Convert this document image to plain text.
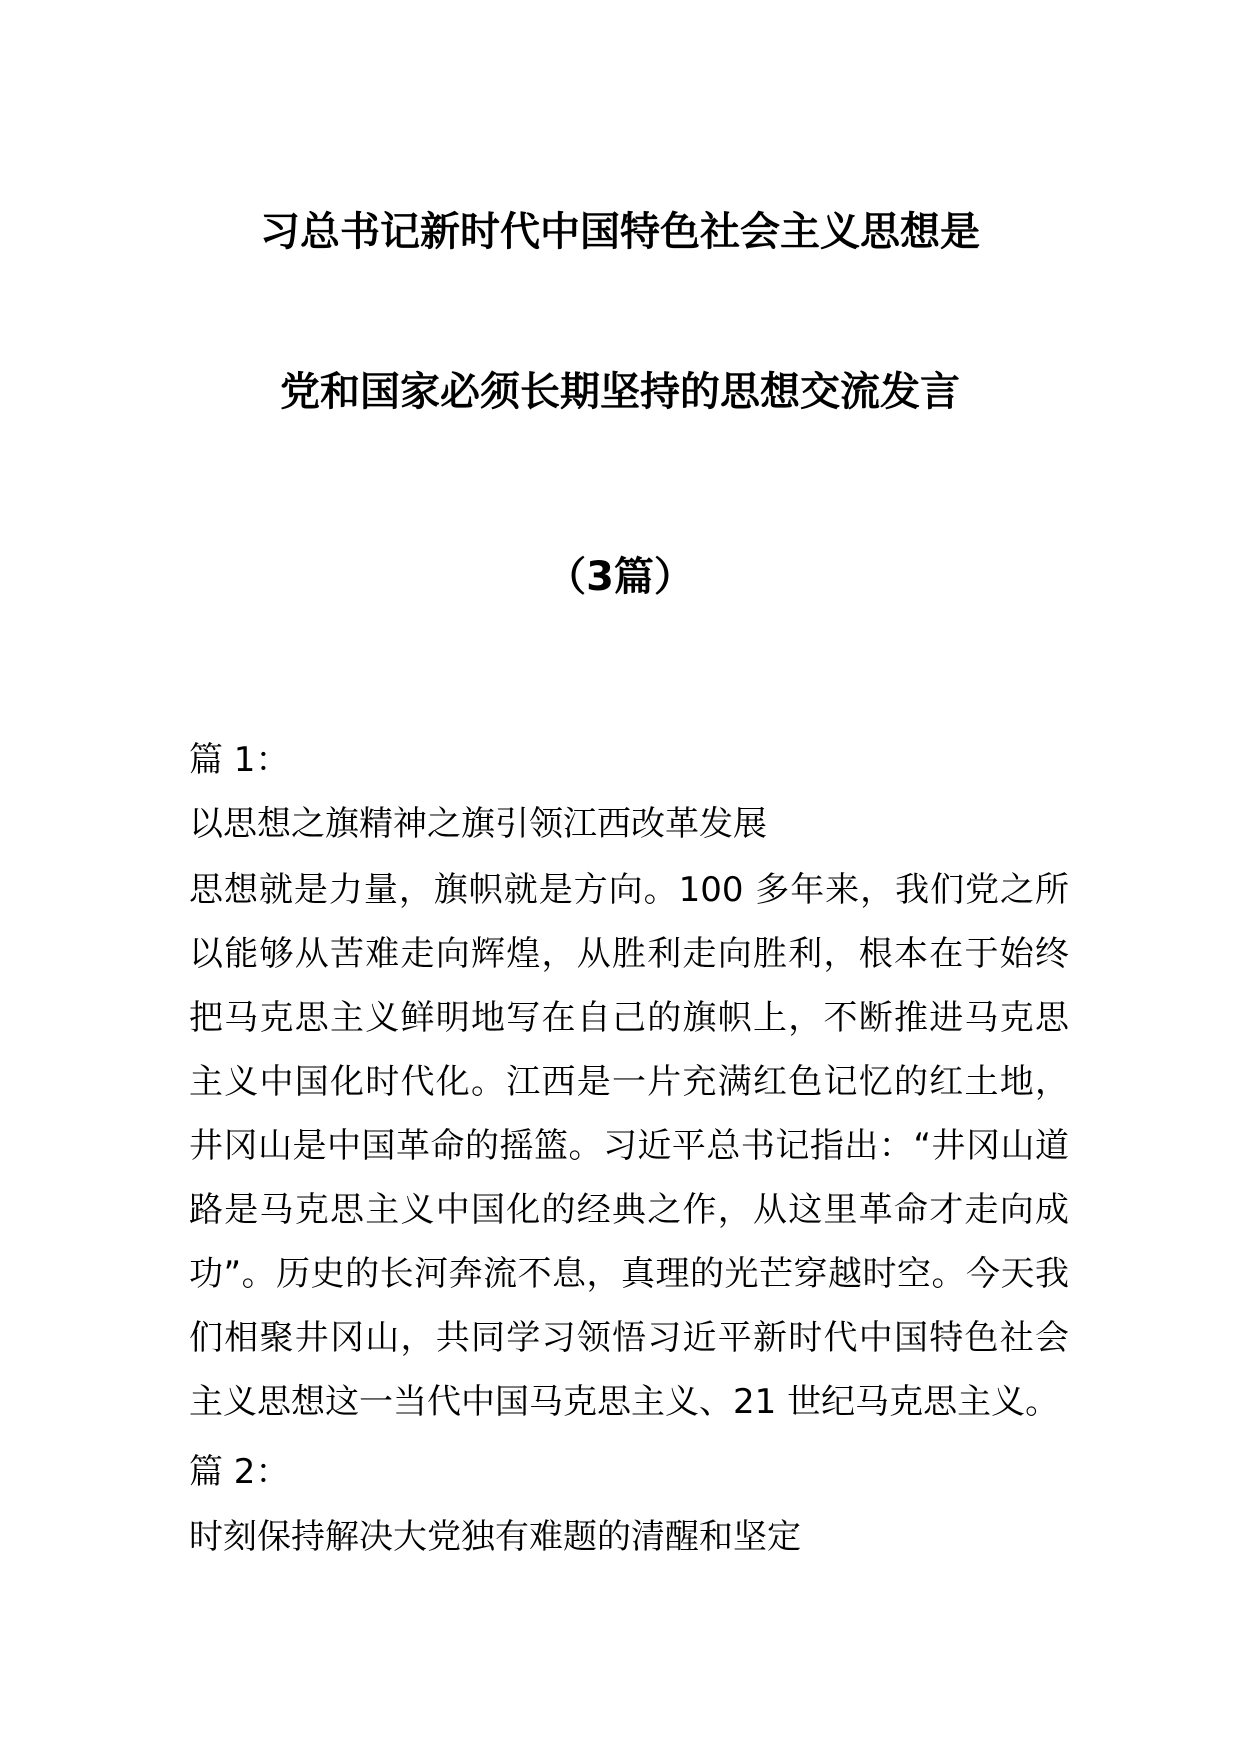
习总书记新时代中国特色社会主义思想是
党和国家必须长期坚持的思想交流发言
（3篇）
篇 1：
以思想之旗精神之旗引领江西改革发展
思想就是力量，旗帜就是方向。100 多年来，我们党之所以能够从苦难走向辉煌，从胜利走向胜利，根本在于始终把马克思主义鲜明地写在自己的旗帜上，不断推进马克思主义中国化时代化。江西是一片充满红色记忆的红土地，井冈山是中国革命的摇篮。习近平总书记指出：“井冈山道路是马克思主义中国化的经典之作，从这里革命才走向成功”。历史的长河奔流不息，真理的光芒穿越时空。今天我们相聚井冈山，共同学习领悟习近平新时代中国特色社会主义思想这一当代中国马克思主义、21 世纪马克思主义。
篇 2：
时刻保持解决大党独有难题的清醒和坚定
